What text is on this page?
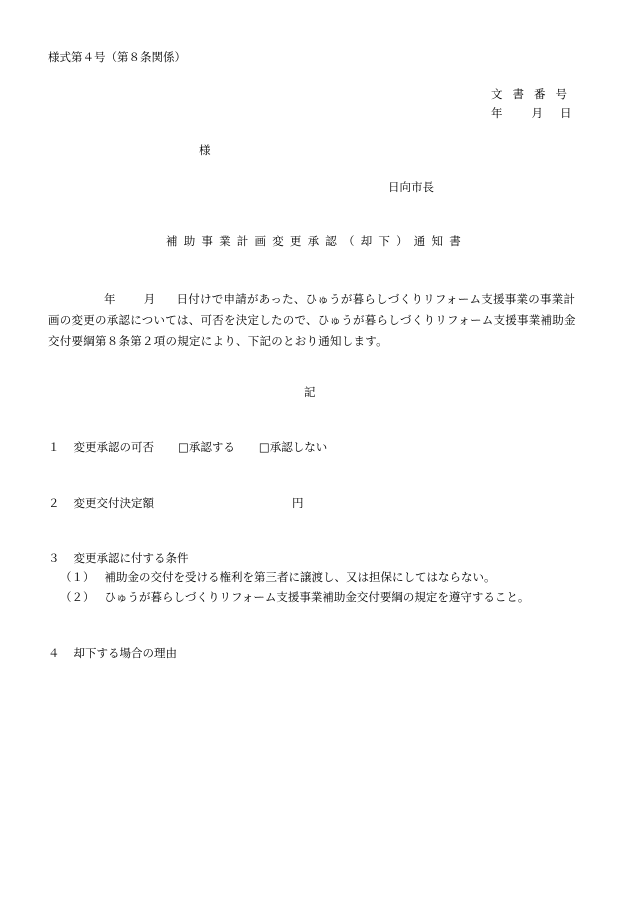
様式第４号（第８条関係）
文書番号
年	月 日
様
日向市長
補助事業計画変更承認（却下）通知書
年 月 日付けで申請があった、ひゅうが暮らしづくりリフォーム支援事業の事業計
画の変更の承認については、可否を決定したので、ひゅうが暮らしづくりリフォーム支援事業補助金
交付要綱第８条第２項の規定により、下記のとおり通知します。
記
１ 変更承認の可否 □承認する □承認しない
２ 変更交付決定額	円
３ 変更承認に付する条件
（１） 補助金の交付を受ける権利を第三者に譲渡し、又は担保にしてはならない。
（２） ひゅうが暮らしづくりリフォーム支援事業補助金交付要綱の規定を遵守すること。
４ 却下する場合の理由
